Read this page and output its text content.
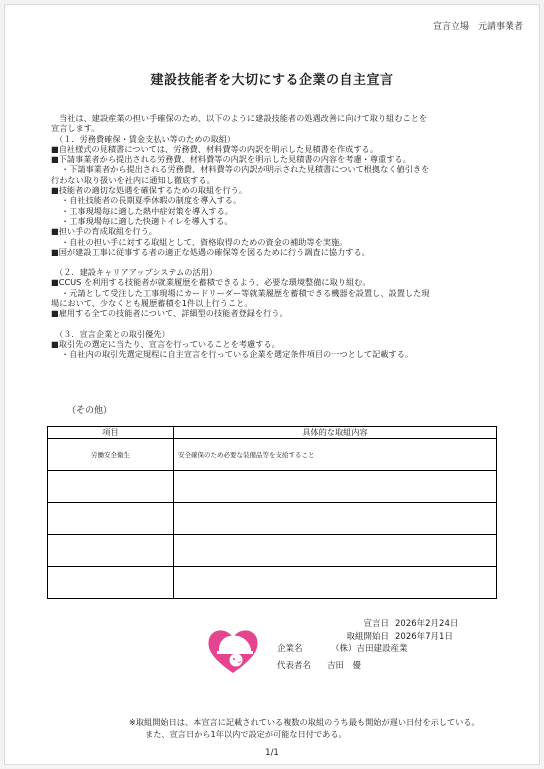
宣言立場　元請事業者
建設技能者を大切にする企業の自主宣言
当社は、建設産業の担い手確保のため、以下のように建設技能者の処遇改善に向けて取り組むことを
宣言します。
（１．労務費確保・賃金支払い等のための取組）
■自社様式の見積書については、労務費、材料費等の内訳を明示した見積書を作成する。
■下請事業者から提出される労務費、材料費等の内訳を明示した見積書の内容を考慮・尊重する。
・下請事業者から提出される労務費、材料費等の内訳が明示された見積書について根拠なく値引きを
行わない取り扱いを社内に通知し徹底する。
■技能者の適切な処遇を確保するための取組を行う。
・自社技能者の長期夏季休暇の制度を導入する。
・工事現場毎に適した熱中症対策を導入する。
・工事現場毎に適した快適トイレを導入する。
■担い手の育成取組を行う。
・自社の担い手に対する取組として、資格取得のための資金の補助等を実施。
■国が建設工事に従事する者の適正な処遇の確保等を図るために行う調査に協力する。
（２．建設キャリアアップシステムの活用）
■CCUS を利用する技能者が就業履歴を蓄積できるよう、必要な環境整備に取り組む。
・元請として受注した工事現場にカードリーダー等就業履歴を蓄積できる機器を設置し、設置した現
場において、少なくとも履歴蓄積を1件以上行うこと。
■雇用する全ての技能者について、詳細型の技能者登録を行う。
（３．宣言企業との取引優先）
■取引先の選定に当たり、宣言を行っていることを考慮する。
・自社内の取引先選定規程に自主宣言を行っている企業を選定条件項目の一つとして記載する。
（その他）
項目	具体的な取組内容
労働安全衛生	安全確保のため必要な装備品等を支給すること

宣言日 2026年2月24日
取組開始日 2026年7月1日
企業名	（株）吉田建設産業
代表者名 吉田　優
※取組開始日は、本宣言に記載されている複数の取組のうち最も開始が遅い日付を示している。
また、宣言日から1年以内で設定が可能な日付である。
1/1
